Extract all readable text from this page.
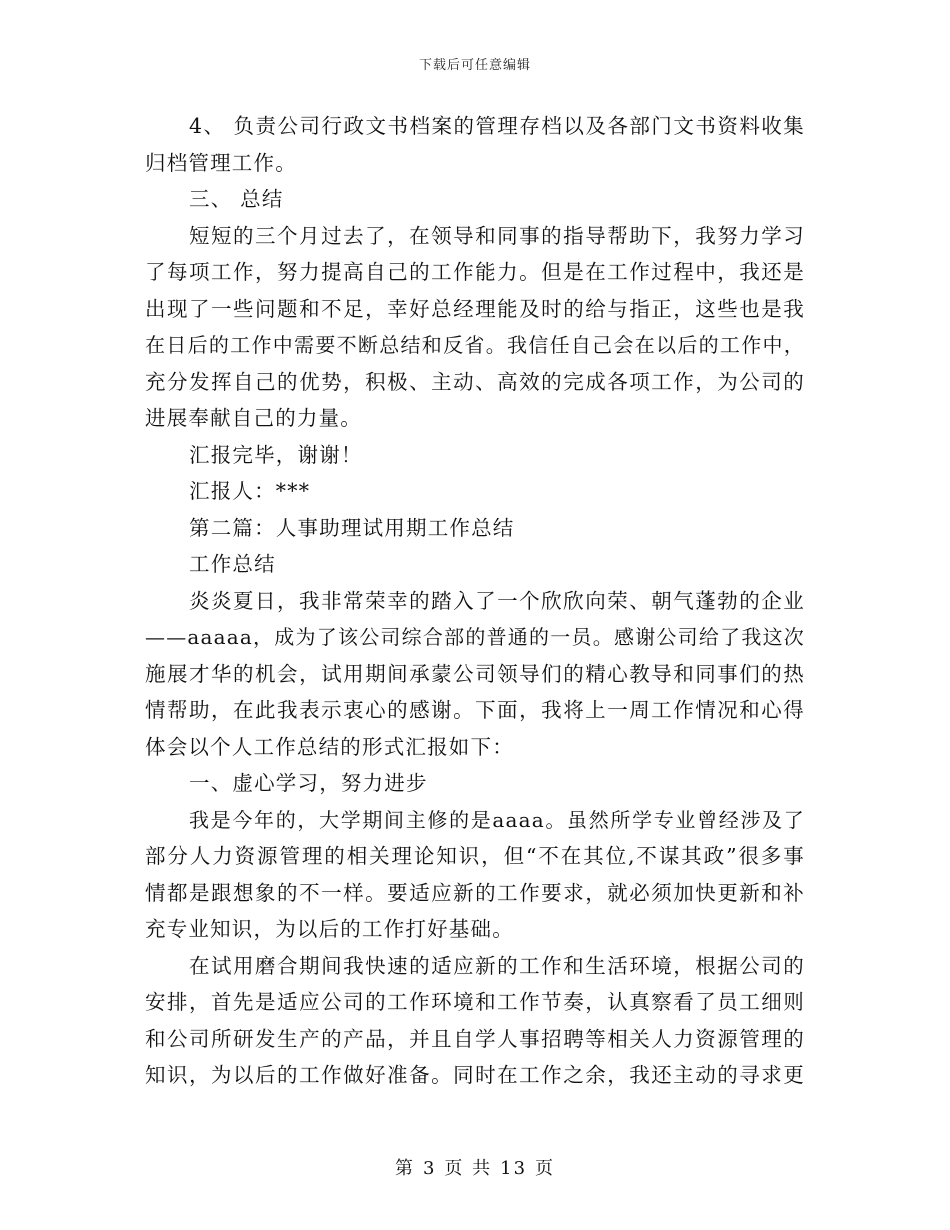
下载后可任意编辑
4、 负责公司行政文书档案的管理存档以及各部门文书资料收集
归档管理工作。
三、 总结
短短的三个月过去了，在领导和同事的指导帮助下，我努力学习
了每项工作，努力提高自己的工作能力。但是在工作过程中，我还是
出现了一些问题和不足，幸好总经理能及时的给与指正，这些也是我
在日后的工作中需要不断总结和反省。我信任自己会在以后的工作中，
充分发挥自己的优势，积极、主动、高效的完成各项工作，为公司的
进展奉献自己的力量。
汇报完毕，谢谢！
汇报人：***
第二篇：人事助理试用期工作总结
工作总结
炎炎夏日，我非常荣幸的踏入了一个欣欣向荣、朝气蓬勃的企业
——aaaaa，成为了该公司综合部的普通的一员。感谢公司给了我这次
施展才华的机会，试用期间承蒙公司领导们的精心教导和同事们的热
情帮助，在此我表示衷心的感谢。下面，我将上一周工作情况和心得
体会以个人工作总结的形式汇报如下：
一、虚心学习，努力进步
我是今年的，大学期间主修的是aaaa。虽然所学专业曾经涉及了
部分人力资源管理的相关理论知识，但“不在其位,不谋其政”很多事
情都是跟想象的不一样。要适应新的工作要求，就必须加快更新和补
充专业知识，为以后的工作打好基础。
在试用磨合期间我快速的适应新的工作和生活环境，根据公司的
安排，首先是适应公司的工作环境和工作节奏，认真察看了员工细则
和公司所研发生产的产品，并且自学人事招聘等相关人力资源管理的
知识，为以后的工作做好准备。同时在工作之余，我还主动的寻求更
第 3 页 共 13 页
